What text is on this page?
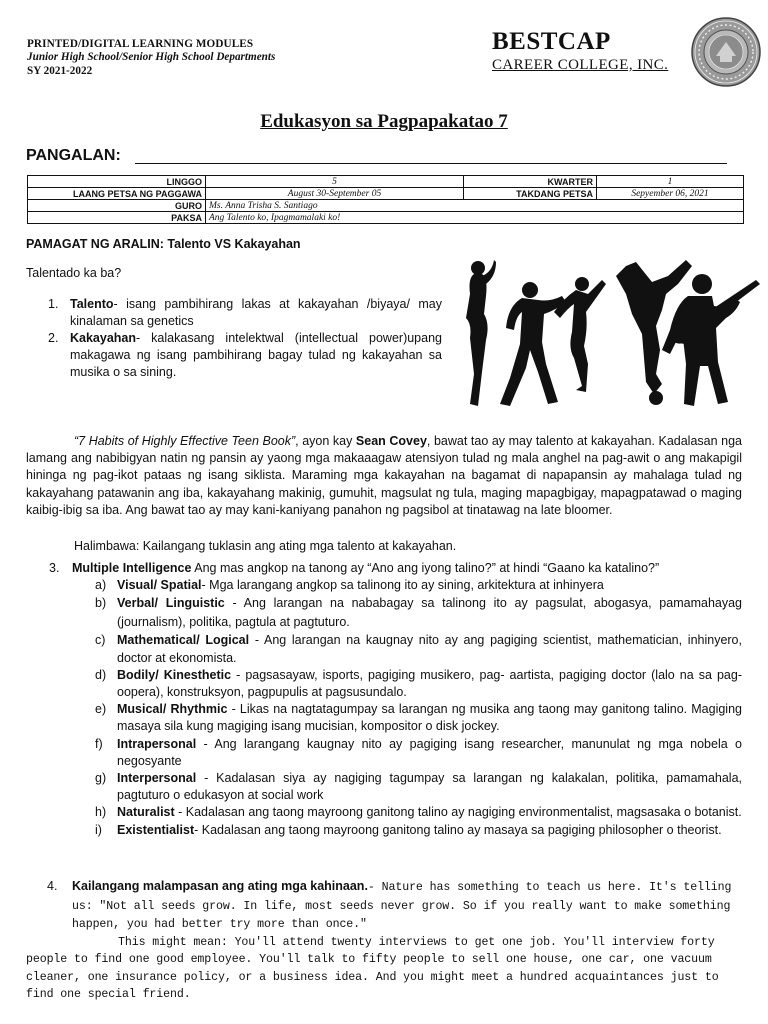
PRINTED/DIGITAL LEARNING MODULES
Junior High School/Senior High School Departments
SY 2021-2022
BESTCAP
CAREER COLLEGE, INC.
Edukasyon sa Pagpapakatao 7
PANGALAN:
LINGGO	5	KWARTER	1
LAANG PETSA NG PAGGAWA	August 30-September 05	TAKDANG PETSA	Sepyember 06, 2021
GURO	Ms. Anna Trisha S. Santiago		
PAKSA	Ang Talento ko, Ipagmamalaki ko!		
PAMAGAT NG ARALIN: Talento VS Kakayahan
Talentado ka ba?
1. Talento- isang pambihirang lakas at kakayahan /biyaya/ may kinalaman sa genetics
2. Kakayahan- kalakasang intelektwal (intellectual power)upang makagawa ng isang pambihirang bagay tulad ng kakayahan sa musika o sa sining.
“7 Habits of Highly Effective Teen Book”, ayon kay Sean Covey, bawat tao ay may talento at kakayahan. Kadalasan nga lamang ang nabibigyan natin ng pansin ay yaong mga makaaagaw atensiyon tulad ng mala anghel na pag-awit o ang makapigil hininga ng pag-ikot pataas ng isang siklista. Maraming mga kakayahan na bagamat di napapansin ay mahalaga tulad ng kakayahang patawanin ang iba, kakayahang makinig, gumuhit, magsulat ng tula, maging mapagbigay, mapagpatawad o maging kaibig-ibig sa iba. Ang bawat tao ay may kani-kaniyang panahon ng pagsibol at tinatawag na late bloomer.
Halimbawa: Kailangang tuklasin ang ating mga talento at kakayahan.
3. Multiple Intelligence Ang mas angkop na tanong ay “Ano ang iyong talino?” at hindi “Gaano ka katalino?”
a) Visual/ Spatial- Mga larangang angkop sa talinong ito ay sining, arkitektura at inhinyera
b) Verbal/ Linguistic - Ang larangan na nababagay sa talinong ito ay pagsulat, abogasya, pamamahayag (journalism), politika, pagtula at pagtuturo.
c) Mathematical/ Logical - Ang larangan na kaugnay nito ay ang pagiging scientist, mathematician, inhinyero, doctor at ekonomista.
d) Bodily/ Kinesthetic - pagsasayaw, isports, pagiging musikero, pag- aartista, pagiging doctor (lalo na sa pag-oopera), konstruksyon, pagpupulis at pagsusundalo.
e) Musical/ Rhythmic - Likas na nagtatagumpay sa larangan ng musika ang taong may ganitong talino. Magiging masaya sila kung magiging isang mucisian, kompositor o disk jockey.
f) Intrapersonal - Ang larangang kaugnay nito ay pagiging isang researcher, manunulat ng mga nobela o negosyante
g) Interpersonal - Kadalasan siya ay nagiging tagumpay sa larangan ng kalakalan, politika, pamamahala, pagtuturo o edukasyon at social work
h) Naturalist - Kadalasan ang taong mayroong ganitong talino ay nagiging environmentalist, magsasaka o botanist.
i) Existentialist- Kadalasan ang taong mayroong ganitong talino ay masaya sa pagiging philosopher o theorist.
4. Kailangang malampasan ang ating mga kahinaan.- Nature has something to teach us here. It's telling us: "Not all seeds grow. In life, most seeds never grow. So if you really want to make something happen, you had better try more than once."
This might mean: You'll attend twenty interviews to get one job. You'll interview forty people to find one good employee. You'll talk to fifty people to sell one house, one car, one vacuum cleaner, one insurance policy, or a business idea. And you might meet a hundred acquaintances just to find one special friend.
